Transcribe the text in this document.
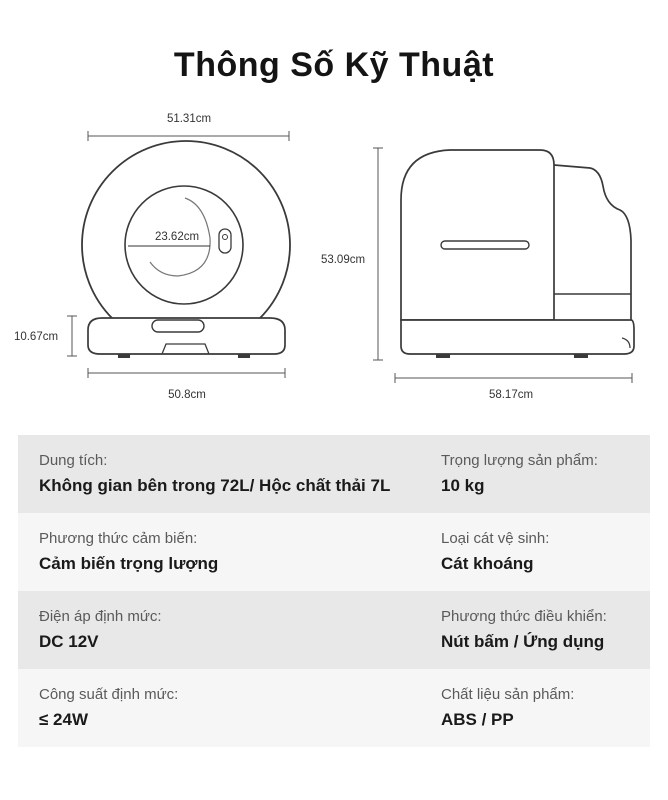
Thông Số Kỹ Thuật
51.31cm
23.62cm
10.67cm
50.8cm
53.09cm
58.17cm
Dung tích:
Không gian bên trong 72L/ Hộc chất thải 7L
Trọng lượng sản phẩm:
10 kg
Phương thức cảm biến:
Cảm biến trọng lượng
Loại cát vệ sinh:
Cát khoáng
Điện áp định mức:
DC 12V
Phương thức điều khiển:
Nút bấm / Ứng dụng
Công suất định mức:
≤ 24W
Chất liệu sản phẩm:
ABS / PP
